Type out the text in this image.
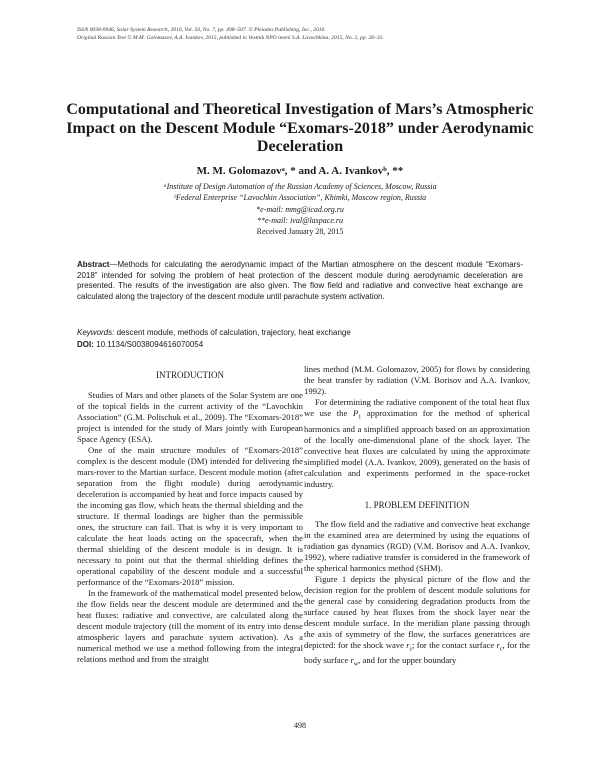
ISSN 0038-0946, Solar System Research, 2016, Vol. 50, No. 7, pp. 498–507. © Pleiades Publishing, Inc., 2016.
Original Russian Text © M.M. Golomazov, A.A. Ivankov, 2015, published in Vestnik NPO imeni S.A. Lavochkina, 2015, No. 2, pp. 26–33.
Computational and Theoretical Investigation of Mars’s Atmospheric Impact on the Descent Module “Exomars-2018” under Aerodynamic Deceleration
M. M. Golomazovᵃ, * and A. A. Ivankovᵇ, **
ᵃInstitute of Design Automation of the Russian Academy of Sciences, Moscow, Russia
ᵇFederal Enterprise “Lavochkin Association”, Khimki, Moscow region, Russia
*e-mail: mmg@icad.org.ru
**e-mail: ival@laspace.ru
Received January 28, 2015

Abstract—Methods for calculating the aerodynamic impact of the Martian atmosphere on the descent module “Exomars-2018” intended for solving the problem of heat protection of the descent module during aerodynamic deceleration are presented. The results of the investigation are also given. The flow field and radiative and convective heat exchange are calculated along the trajectory of the descent module until parachute system activation.

Keywords: descent module, methods of calculation, trajectory, heat exchange
DOI: 10.1134/S0038094616070054

INTRODUCTION

Studies of Mars and other planets of the Solar System are one of the topical fields in the current activity of the “Lavochkin Association” (G.M. Polischuk et al., 2009). The “Exomars-2018” project is intended for the study of Mars jointly with European Space Agency (ESA).

One of the main structure modules of “Exomars-2018” complex is the descent module (DM) intended for delivering the mars-rover to the Martian surface. Descent module motion (after separation from the flight module) during aerodynamic deceleration is accompanied by heat and force impacts caused by the incoming gas flow, which heats the thermal shielding and the structure. If thermal loadings are higher than the permissible ones, the structure can fail. That is why it is very important to calculate the heat loads acting on the spacecraft, when the thermal shielding of the descent module is in design. It is necessary to point out that the thermal shielding defines the operational capability of the descent module and a successful performance of the “Exomars-2018” mission.

In the framework of the mathematical model presented below, the flow fields near the descent module are determined and the heat fluxes: radiative and convective, are calculated along the descent module trajectory (till the moment of its entry into dense atmospheric layers and parachute system activation). As a numerical method we use a method following from the integral relations method and from the straight

lines method (M.M. Golomazov, 2005) for flows by considering the heat transfer by radiation (V.M. Borisov and A.A. Ivankov, 1992).

For determining the radiative component of the total heat flux we use the $P_1$ approximation for the method of spherical harmonics and a simplified approach based on an approximation of the locally one-dimensional plane of the shock layer. The convective heat fluxes are calculated by using the approximate simplified model (A.A. Ivankov, 2009), generated on the basis of calculation and experiments performed in the space-rocket industry.

1. PROBLEM DEFINITION

The flow field and the radiative and convective heat exchange in the examined area are determined by using the equations of radiation gas dynamics (RGD) (V.M. Borisov and A.A. Ivankov, 1992), where radiative transfer is considered in the framework of the spherical harmonics method (SHM).

Figure 1 depicts the physical picture of the flow and the decision region for the problem of descent module solutions for the general case by considering degradation products from the surface caused by heat fluxes from the shock layer near the descent module surface. In the meridian plane passing through the axis of symmetry of the flow, the surfaces generatrices are depicted: for the shock wave $r_s$; for the contact surface $r_c$, for the body surface $r_w$, and for the upper boundary

498
